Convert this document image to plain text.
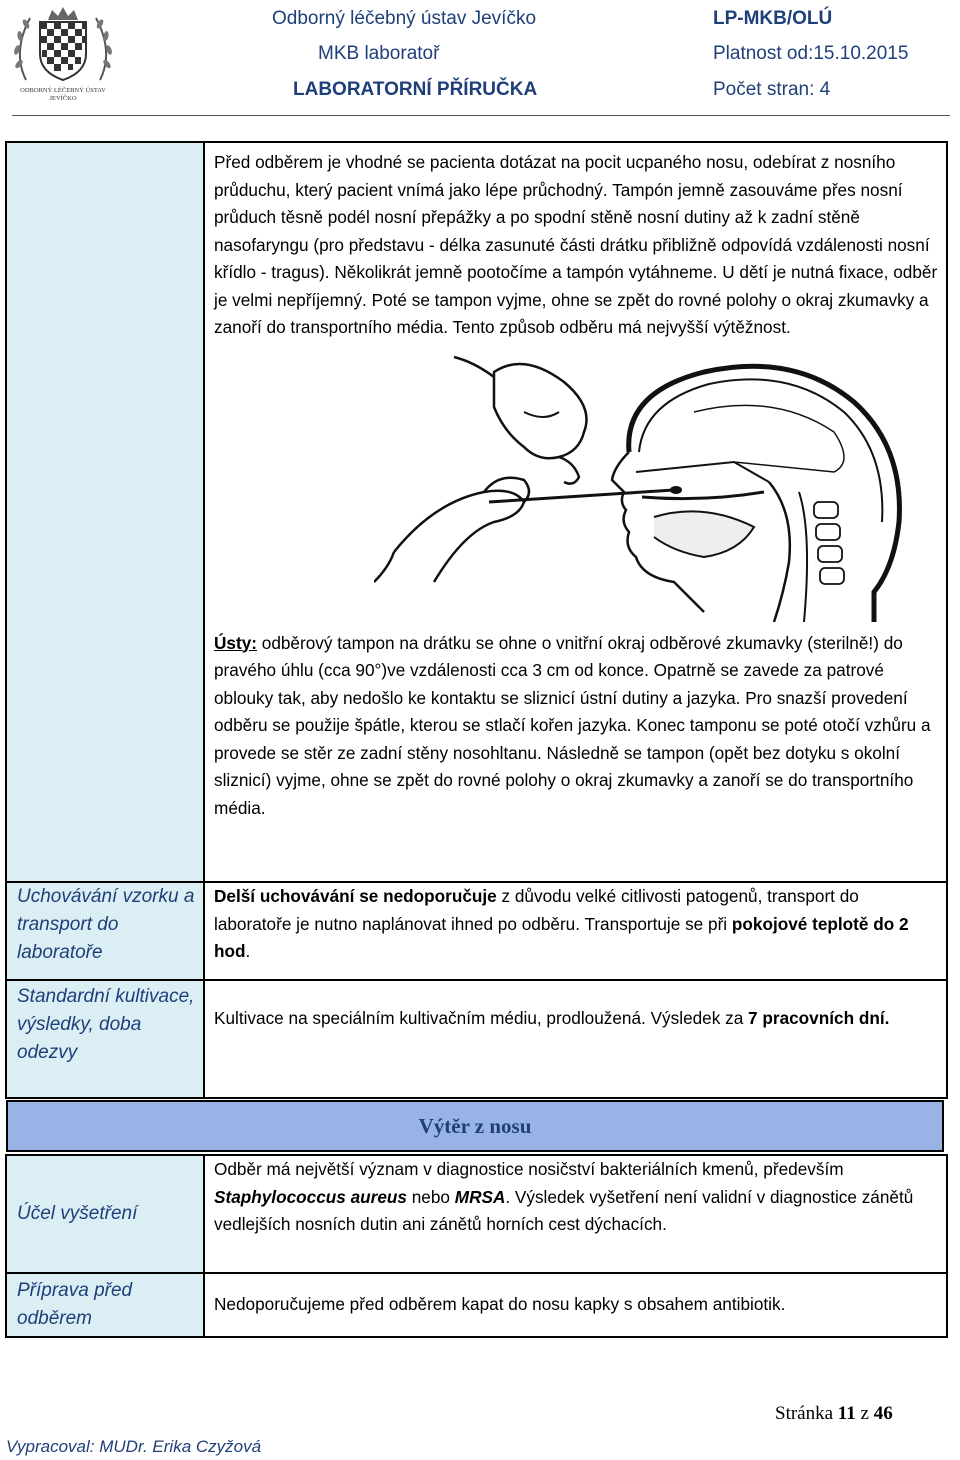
ODBORNÝ LÉČEBNÝ ÚSTAV
JEVÍČKO
Odborný léčebný ústav Jevíčko	LP-MKB/OLÚ
MKB laboratoř	Platnost od:15.10.2015
LABORATORNÍ PŘÍRUČKA	Počet stran: 4

	Před odběrem je vhodné se pacienta dotázat na pocit ucpaného nosu, odebírat z nosního průduchu, který pacient vnímá jako lépe průchodný. Tampón jemně zasouváme přes nosní průduch těsně podél nosní přepážky a po spodní stěně nosní dutiny až k zadní stěně nasofaryngu (pro představu - délka zasunuté části drátku přibližně odpovídá vzdálenosti nosní křídlo - tragus). Několikrát jemně pootočíme a tampón vytáhneme. U dětí je nutná fixace, odběr je velmi nepříjemný. Poté se tampon vyjme, ohne se zpět do rovné polohy o okraj zkumavky a zanoří do transportního média. Tento způsob odběru má nejvyšší výtěžnost.
Ústy: odběrový tampon na drátku se ohne o vnitřní okraj odběrové zkumavky (sterilně!) do pravého úhlu (cca 90°)ve vzdálenosti cca 3 cm od konce. Opatrně se zavede za patrové oblouky tak, aby nedošlo ke kontaktu se sliznicí ústní dutiny a jazyka. Pro snazší provedení odběru se použije špátle, kterou se stlačí kořen jazyka. Konec tamponu se poté otočí vzhůru a provede se stěr ze zadní stěny nosohltanu. Následně se tampon (opět bez dotyku s okolní sliznicí) vyjme, ohne se zpět do rovné polohy o okraj zkumavky a zanoří se do transportního média.

Uchovávání vzorku a transport do laboratoře	Delší uchovávání se nedoporučuje z důvodu velké citlivosti patogenů, transport do laboratoře je nutno naplánovat ihned po odběru. Transportuje se při pokojové teplotě do 2 hod.

Standardní kultivace, výsledky, doba odezvy	Kultivace na speciálním kultivačním médiu, prodloužená. Výsledek za 7 pracovních dní.

Výtěr z nosu
Účel vyšetření	Odběr má největší význam v diagnostice nosičství bakteriálních kmenů, především Staphylococcus aureus nebo MRSA. Výsledek vyšetření není validní v diagnostice zánětů vedlejších nosních dutin ani zánětů horních cest dýchacích.

Příprava před odběrem	Nedoporučujeme před odběrem kapat do nosu kapky s obsahem antibiotik.
Stránka 11 z 46
Vypracoval: MUDr. Erika Czyžová
